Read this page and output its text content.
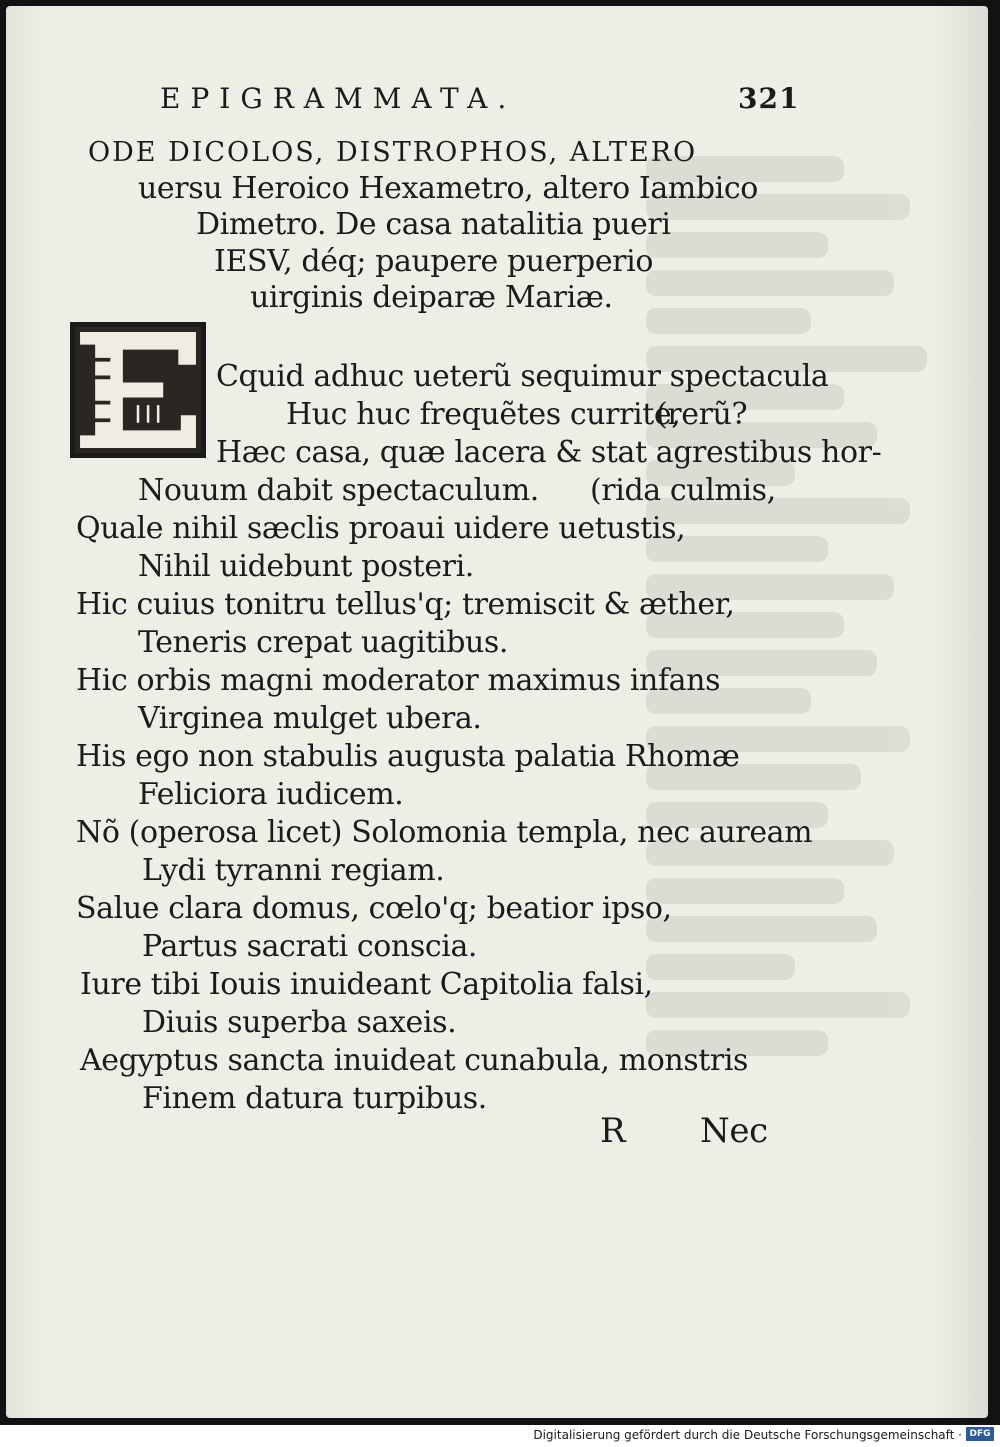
EPIGRAMMATA.	321
ODE DICOLOS, DISTROPHOS, ALTERO
uersu Heroico Hexametro, altero Iambico
Dimetro. De casa natalitia pueri
IESV, déq; paupere puerperio
uirginis deiparæ Mariæ.
Cquid adhuc ueterũ sequimur spectacula
Huc huc frequẽtes currite,
(rerũ?
Hæc casa, quæ lacera & stat agrestibus hor-
Nouum dabit spectaculum. (rida culmis,
Quale nihil sæclis proaui uidere uetustis,
Nihil uidebunt posteri.
Hic cuius tonitru tellus'q; tremiscit & æther,
Teneris crepat uagitibus.
Hic orbis magni moderator maximus infans
Virginea mulget ubera.
His ego non stabulis augusta palatia Rhomæ
Feliciora iudicem.
Nõ (operosa licet) Solomonia templa, nec auream
Lydi tyranni regiam.
Salue clara domus, cœlo'q; beatior ipso,
Partus sacrati conscia.
Iure tibi Iouis inuideant Capitolia falsi,
Diuis superba saxeis.
Aegyptus sancta inuideat cunabula, monstris
Finem datura turpibus.
R Nec
Digitalisierung gefördert durch die Deutsche Forschungsgemeinschaft · DFG
